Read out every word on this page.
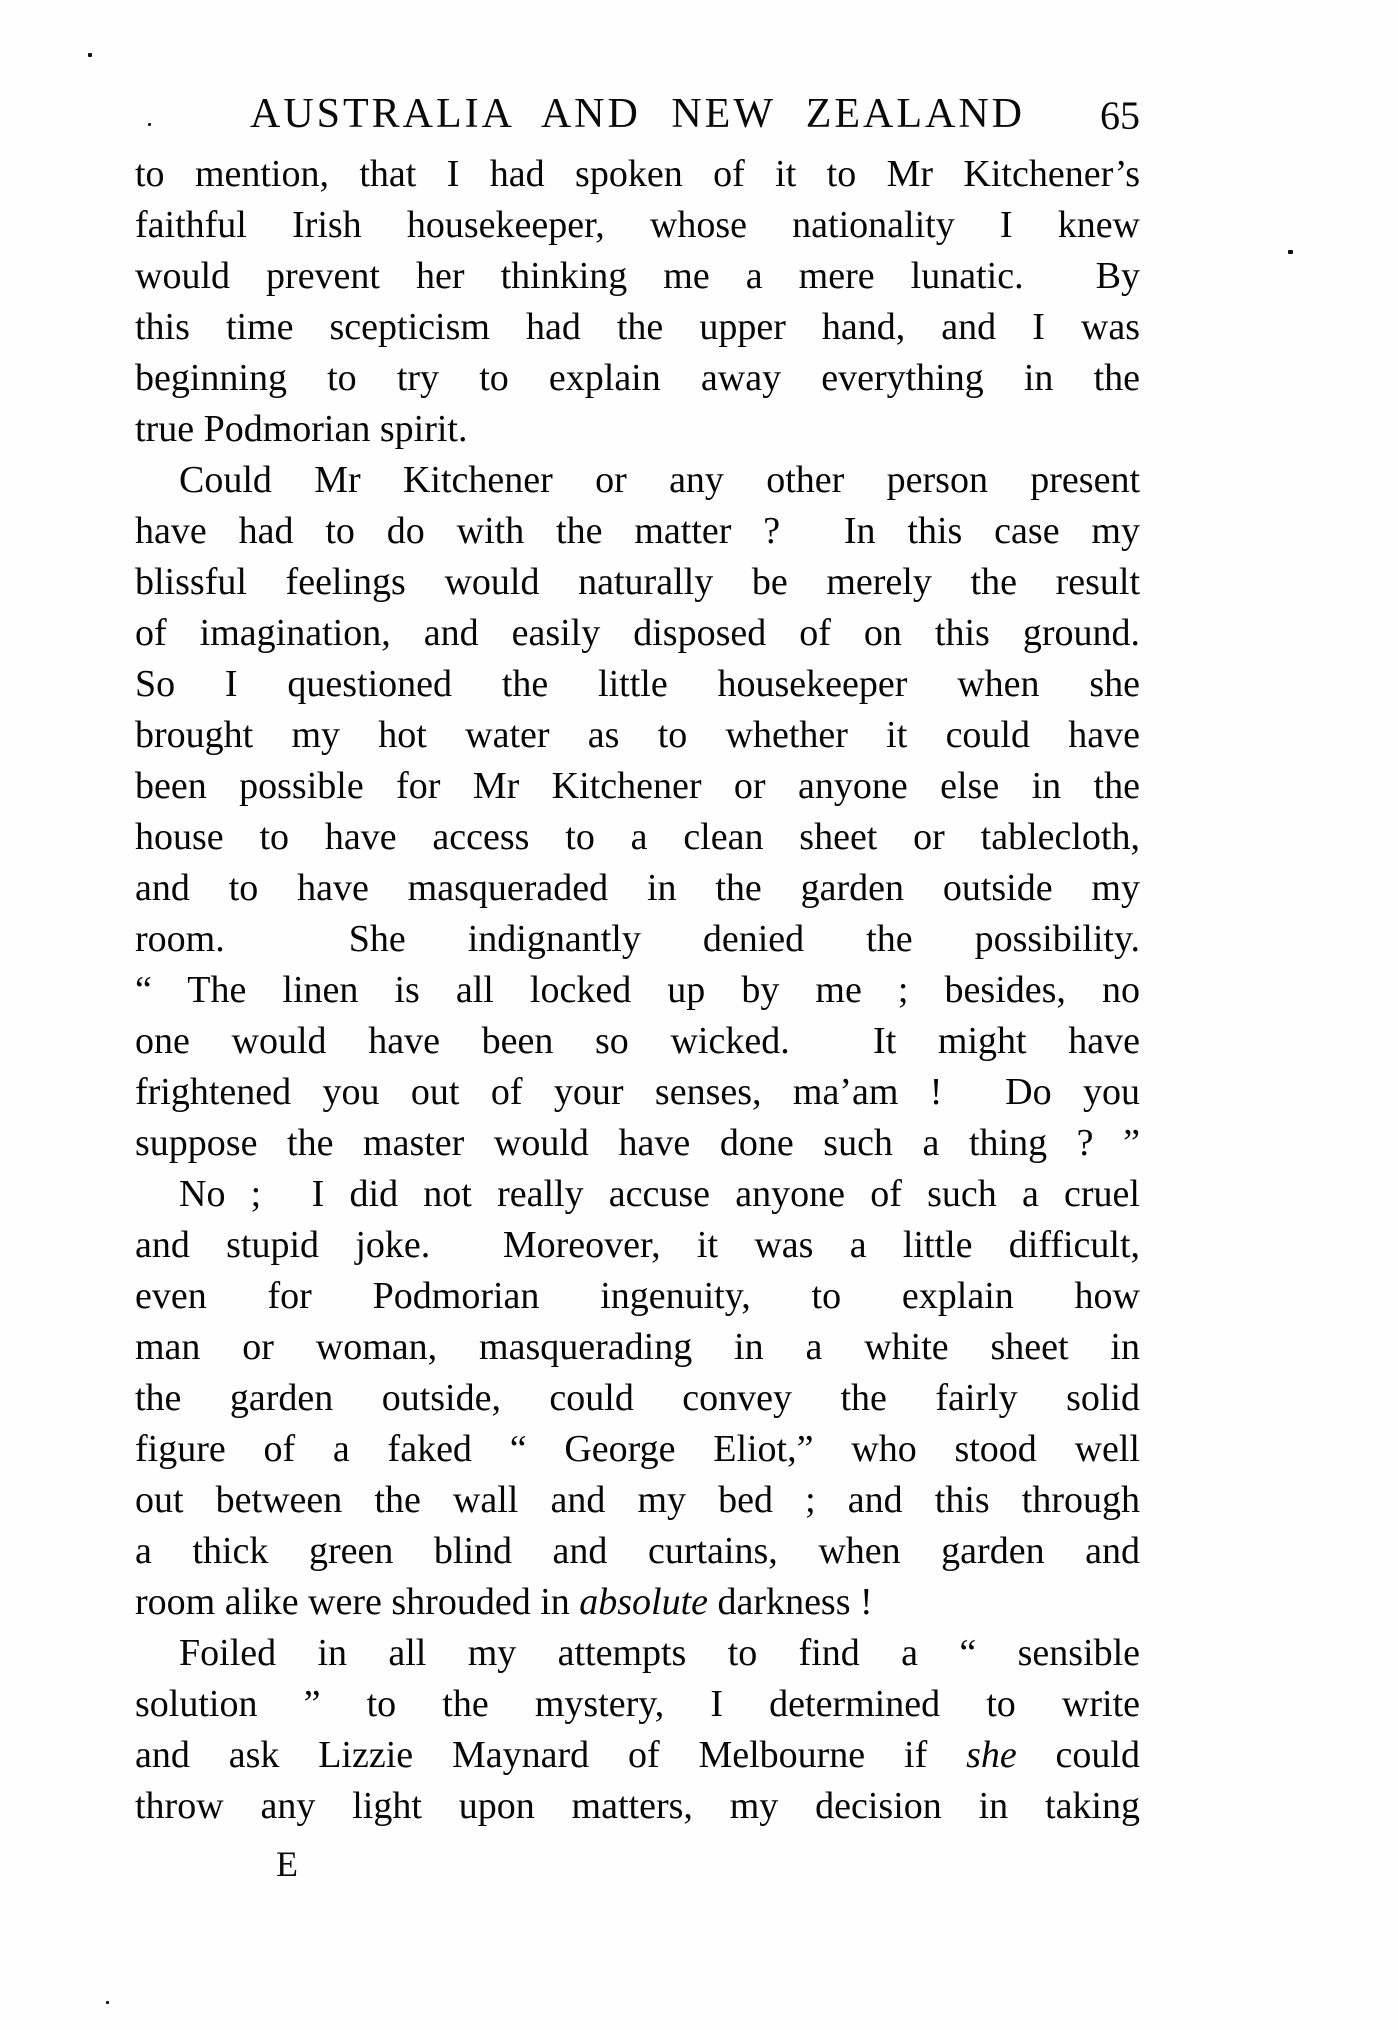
AUSTRALIA AND NEW ZEALAND 65

to mention, that I had spoken of it to Mr Kitchener’s
faithful Irish housekeeper, whose nationality I knew
would prevent her thinking me a mere lunatic.  By
this time scepticism had the upper hand, and I was
beginning to try to explain away everything in the
true Podmorian spirit.

Could Mr Kitchener or any other person present
have had to do with the matter ?  In this case my
blissful feelings would naturally be merely the result
of imagination, and easily disposed of on this ground.
So I questioned the little housekeeper when she
brought my hot water as to whether it could have
been possible for Mr Kitchener or anyone else in the
house to have access to a clean sheet or tablecloth,
and to have masqueraded in the garden outside my
room.  She indignantly denied the possibility.
“ The linen is all locked up by me ; besides, no
one would have been so wicked.  It might have
frightened you out of your senses, ma’am !  Do you
suppose the master would have done such a thing ? ”

No ;  I did not really accuse anyone of such a cruel
and stupid joke.  Moreover, it was a little difficult,
even for Podmorian ingenuity, to explain how
man or woman, masquerading in a white sheet in
the garden outside, could convey the fairly solid
figure of a faked “ George Eliot,” who stood well
out between the wall and my bed ; and this through
a thick green blind and curtains, when garden and
room alike were shrouded in absolute darkness !

Foiled in all my attempts to find a “ sensible
solution ” to the mystery, I determined to write
and ask Lizzie Maynard of Melbourne if she could
throw any light upon matters, my decision in taking

E
